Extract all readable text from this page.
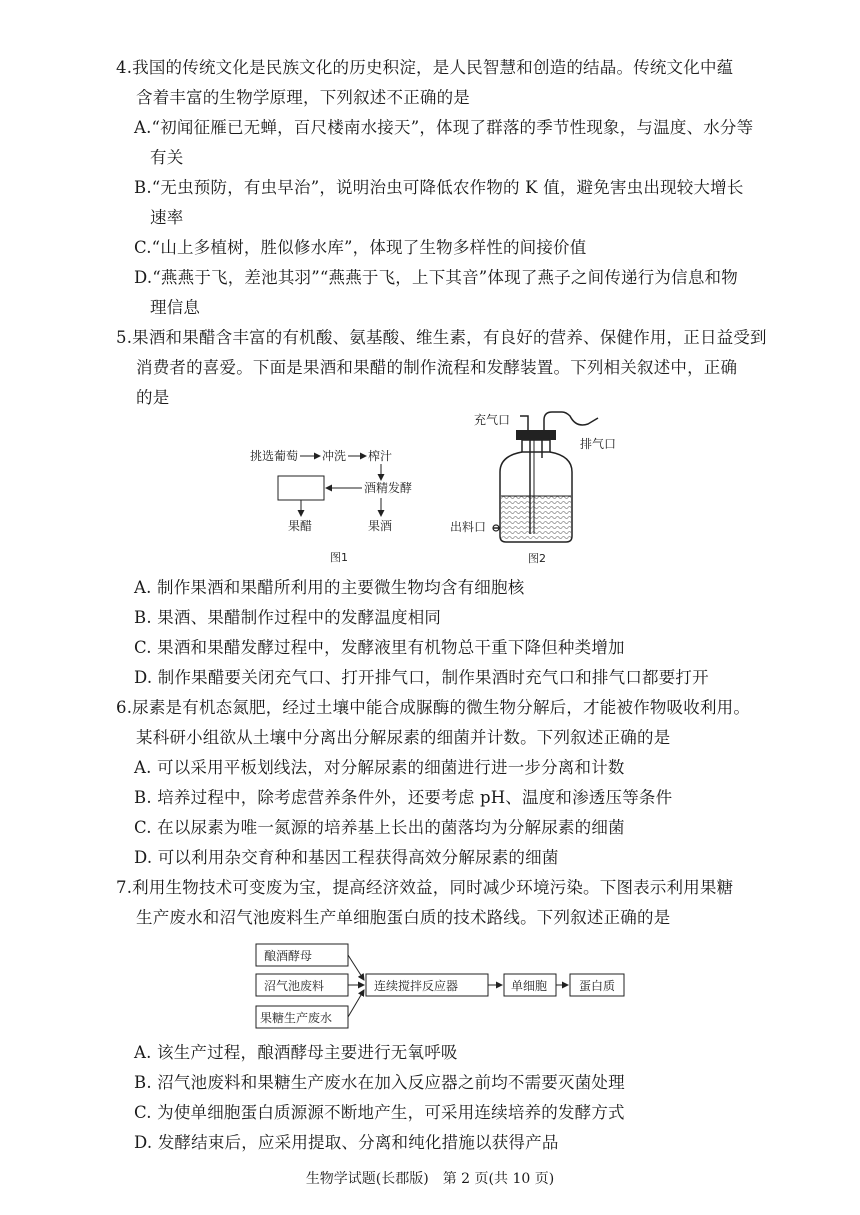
4.我国的传统文化是民族文化的历史积淀，是人民智慧和创造的结晶。传统文化中蕴
含着丰富的生物学原理，下列叙述不正确的是
A.“初闻征雁已无蝉，百尺楼南水接天”，体现了群落的季节性现象，与温度、水分等
有关
B.“无虫预防，有虫早治”，说明治虫可降低农作物的 K 值，避免害虫出现较大增长
速率
C.“山上多植树，胜似修水库”，体现了生物多样性的间接价值
D.“燕燕于飞，差池其羽”“燕燕于飞，上下其音”体现了燕子之间传递行为信息和物
理信息
5.果酒和果醋含丰富的有机酸、氨基酸、维生素，有良好的营养、保健作用，正日益受到
消费者的喜爱。下面是果酒和果醋的制作流程和发酵装置。下列相关叙述中，正确
的是
挑选葡萄 冲洗 榨汁
酒精发酵
果醋	果酒
图1
充气口
排气口
出料口
图2
A. 制作果酒和果醋所利用的主要微生物均含有细胞核
B. 果酒、果醋制作过程中的发酵温度相同
C. 果酒和果醋发酵过程中，发酵液里有机物总干重下降但种类增加
D. 制作果醋要关闭充气口、打开排气口，制作果酒时充气口和排气口都要打开
6.尿素是有机态氮肥，经过土壤中能合成脲酶的微生物分解后，才能被作物吸收利用。
某科研小组欲从土壤中分离出分解尿素的细菌并计数。下列叙述正确的是
A. 可以采用平板划线法，对分解尿素的细菌进行进一步分离和计数
B. 培养过程中，除考虑营养条件外，还要考虑 pH、温度和渗透压等条件
C. 在以尿素为唯一氮源的培养基上长出的菌落均为分解尿素的细菌
D. 可以利用杂交育种和基因工程获得高效分解尿素的细菌
7.利用生物技术可变废为宝，提高经济效益，同时减少环境污染。下图表示利用果糖
生产废水和沼气池废料生产单细胞蛋白质的技术路线。下列叙述正确的是
酿酒酵母
沼气池废料
果糖生产废水
连续搅拌反应器	单细胞	蛋白质
A. 该生产过程，酿酒酵母主要进行无氧呼吸
B. 沼气池废料和果糖生产废水在加入反应器之前均不需要灭菌处理
C. 为使单细胞蛋白质源源不断地产生，可采用连续培养的发酵方式
D. 发酵结束后，应采用提取、分离和纯化措施以获得产品
生物学试题(长郡版)　第 2 页(共 10 页)
